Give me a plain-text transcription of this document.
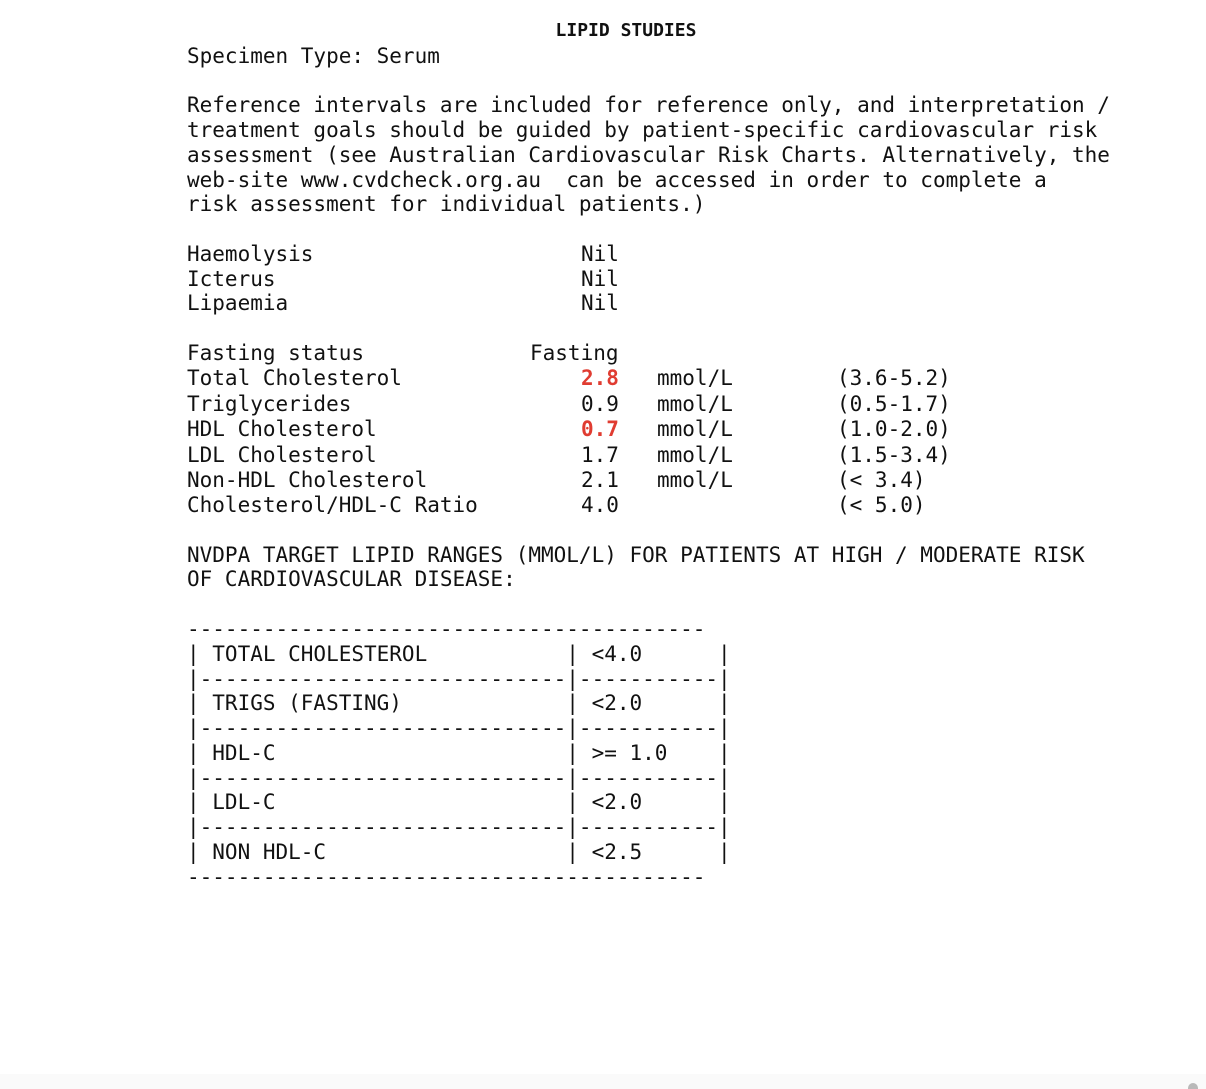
LIPID STUDIES
Specimen Type: Serum
Reference intervals are included for reference only, and interpretation /
treatment goals should be guided by patient-specific cardiovascular risk
assessment (see Australian Cardiovascular Risk Charts. Alternatively, the
web-site www.cvdcheck.org.au  can be accessed in order to complete a
risk assessment for individual patients.)
Haemolysis	Nil
Icterus	Nil
Lipaemia	Nil
Fasting status	Fasting
Total Cholesterol	2.8 mmol/L	(3.6-5.2)
Triglycerides	0.9 mmol/L	(0.5-1.7)
HDL Cholesterol	0.7 mmol/L	(1.0-2.0)
LDL Cholesterol	1.7 mmol/L	(1.5-3.4)
Non-HDL Cholesterol	2.1 mmol/L	(< 3.4)
Cholesterol/HDL-C Ratio	4.0	(< 5.0)
NVDPA TARGET LIPID RANGES (MMOL/L) FOR PATIENTS AT HIGH / MODERATE RISK
OF CARDIOVASCULAR DISEASE:
-----------------------------------------
| TOTAL CHOLESTEROL           | <4.0      |
|-----------------------------|-----------|
| TRIGS (FASTING)             | <2.0      |
|-----------------------------|-----------|
| HDL-C                       | >= 1.0    |
|-----------------------------|-----------|
| LDL-C                       | <2.0      |
|-----------------------------|-----------|
| NON HDL-C                   | <2.5      |
-----------------------------------------
